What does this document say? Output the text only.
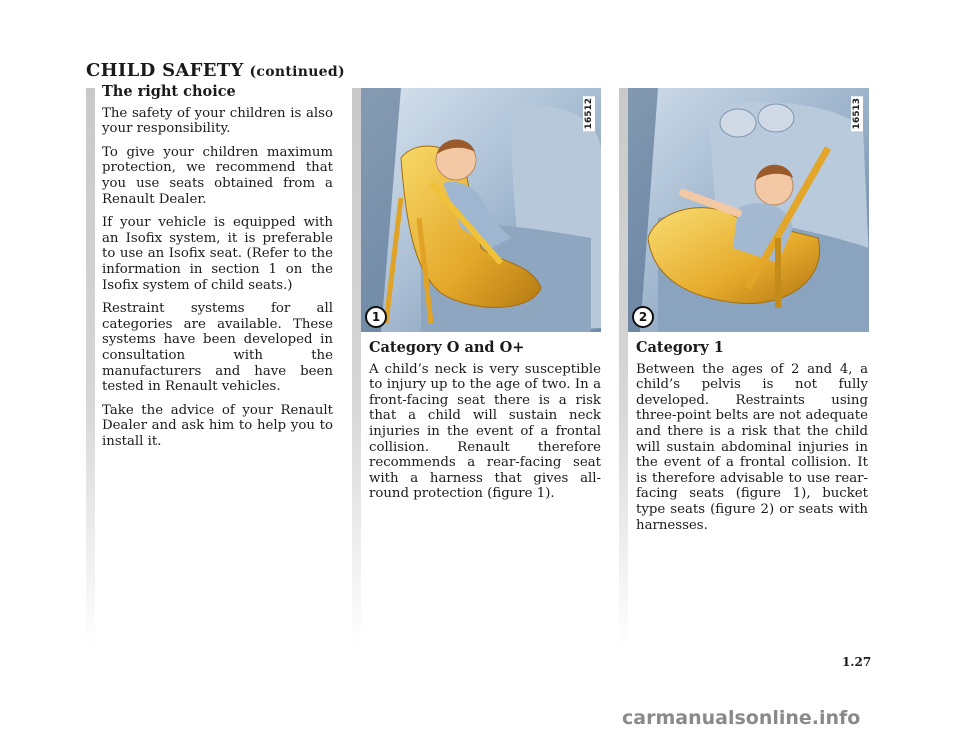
CHILD SAFETY (continued)
The right choice

The safety of your children is also your responsibility.

To give your children maximum protection, we recommend that you use seats obtained from a Renault Dealer.

If your vehicle is equipped with an Isofix system, it is preferable to use an Isofix seat. (Refer to the information in section 1 on the Isofix system of child seats.)

Restraint systems for all categories are available. These systems have been developed in consultation with the manufacturers and have been tested in Renault vehicles.

Take the advice of your Renault Dealer and ask him to help you to install it.

16512
1
16513
2
Category O and O+

A child’s neck is very susceptible to injury up to the age of two. In a front-facing seat there is a risk that a child will sustain neck injuries in the event of a frontal collision. Renault therefore recommends a rear-facing seat with a harness that gives all-round protection (figure 1).

Category 1

Between the ages of 2 and 4, a child’s pelvis is not fully developed. Restraints using three-point belts are not adequate and there is a risk that the child will sustain abdominal injuries in the event of a frontal collision. It is therefore advisable to use rear-facing seats (figure 1), bucket type seats (figure 2) or seats with harnesses.

1.27
carmanualsonline.info
